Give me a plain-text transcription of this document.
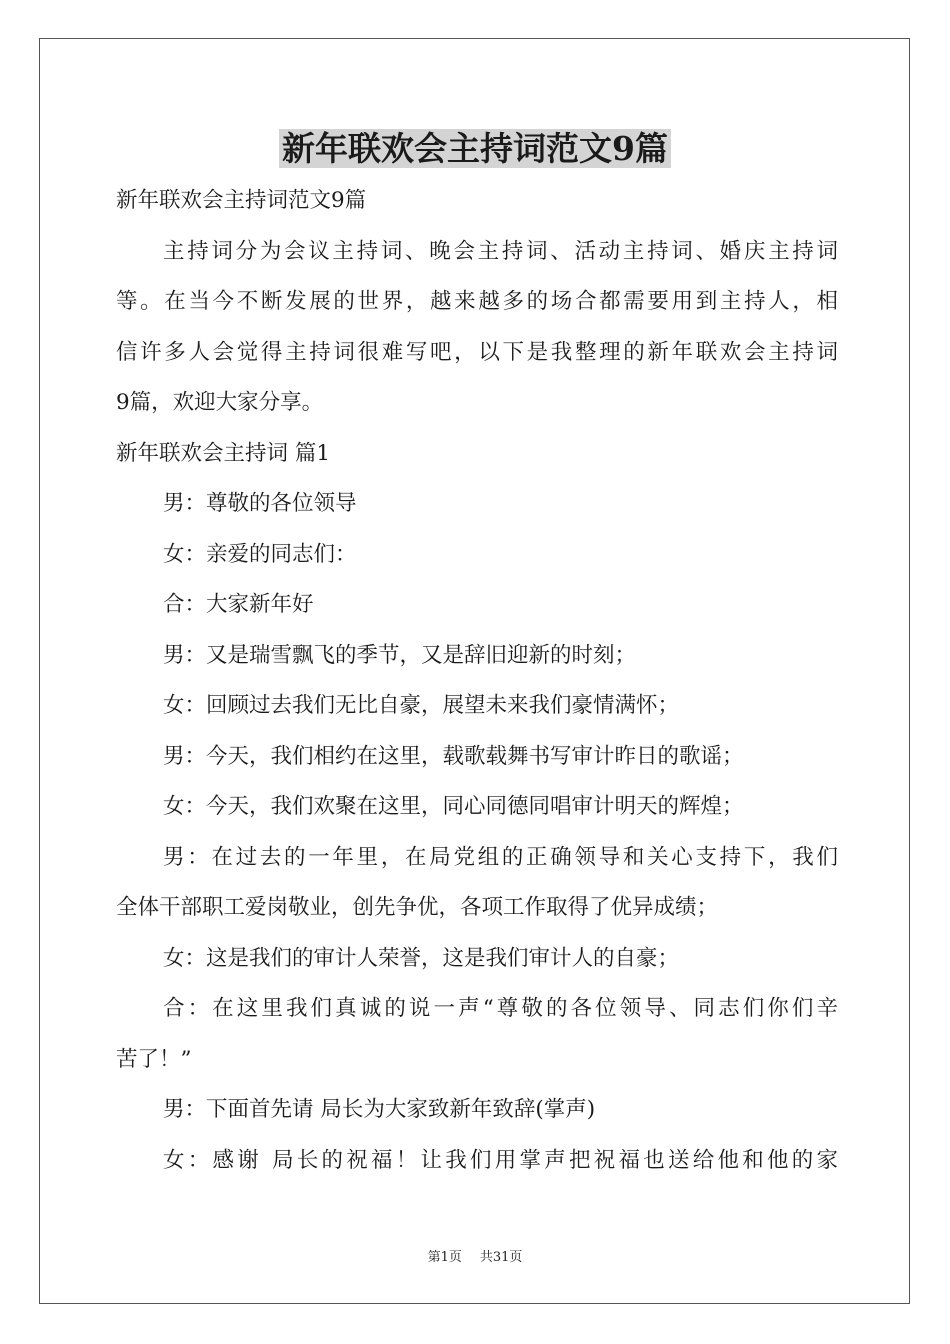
新年联欢会主持词范文9篇
新年联欢会主持词范文9篇
主持词分为会议主持词、晚会主持词、活动主持词、婚庆主持词
等。在当今不断发展的世界，越来越多的场合都需要用到主持人，相
信许多人会觉得主持词很难写吧，以下是我整理的新年联欢会主持词
9篇，欢迎大家分享。
新年联欢会主持词 篇1
男：尊敬的各位领导
女：亲爱的同志们：
合：大家新年好
男：又是瑞雪飘飞的季节，又是辞旧迎新的时刻；
女：回顾过去我们无比自豪，展望未来我们豪情满怀；
男：今天，我们相约在这里，载歌载舞书写审计昨日的歌谣；
女：今天，我们欢聚在这里，同心同德同唱审计明天的辉煌；
男：在过去的一年里，在局党组的正确领导和关心支持下，我们
全体干部职工爱岗敬业，创先争优，各项工作取得了优异成绩；
女：这是我们的审计人荣誉，这是我们审计人的自豪；
合：在这里我们真诚的说一声“尊敬的各位领导、同志们你们辛
苦了！”
男：下面首先请 局长为大家致新年致辞(掌声)
女：感谢 局长的祝福！让我们用掌声把祝福也送给他和他的家
第1页 共31页
